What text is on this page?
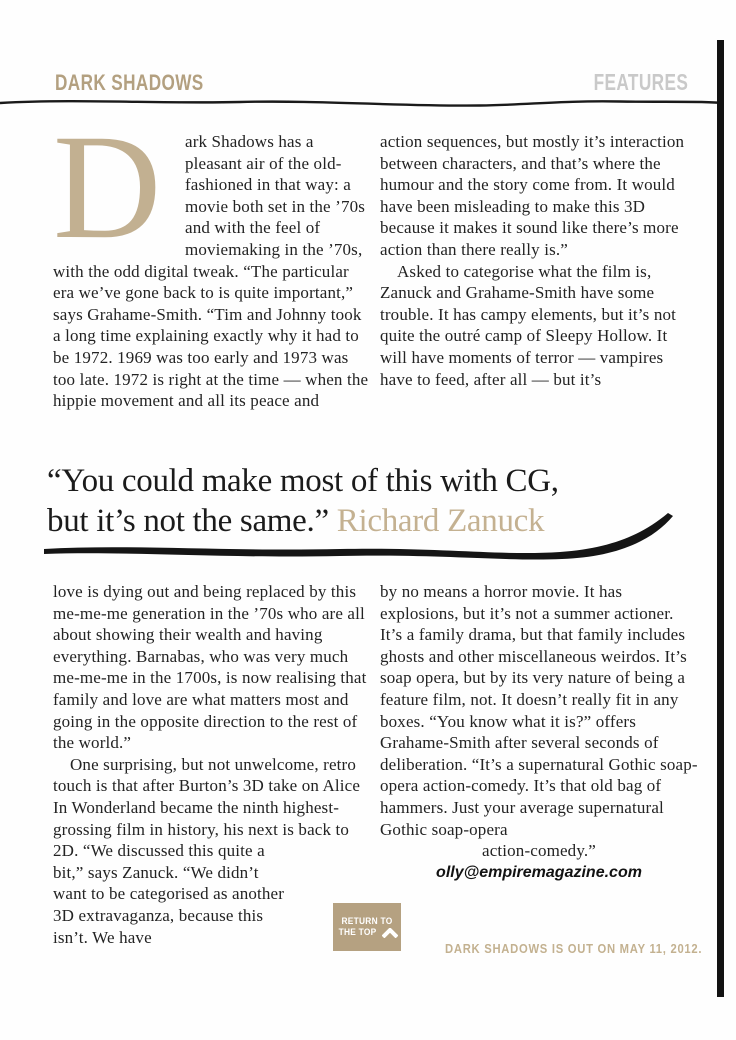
DARK SHADOWS	FEATURES

D	ark Shadows has a pleasant air of the old-fashioned in that way: a movie both set in the ’70s and with the feel of moviemaking in the ’70s, with the odd digital tweak. “The particular era we’ve gone back to is quite important,” says Grahame-Smith. “Tim and Johnny took a long time explaining exactly why it had to be 1972. 1969 was too early and 1973 was too late. 1972 is right at the time — when the hippie movement and all its peace and

action sequences, but mostly it’s interaction between characters, and that’s where the humour and the story come from. It would have been misleading to make this 3D because it makes it sound like there’s more action than there really is.”

Asked to categorise what the film is, Zanuck and Grahame-Smith have some trouble. It has campy elements, but it’s not quite the outré camp of Sleepy Hollow. It will have moments of terror — vampires have to feed, after all — but it’s

“You could make most of this with CG,
but it’s not the same.” Richard Zanuck

love is dying out and being replaced by this me-me-me generation in the ’70s who are all about showing their wealth and having everything. Barnabas, who was very much me-me-me in the 1700s, is now realising that family and love are what matters most and going in the opposite direction to the rest of the world.”

One surprising, but not unwelcome, retro touch is that after Burton’s 3D take on Alice In Wonderland became the ninth highest-grossing film in history, his next is back to 2D. “We discussed this quite a

bit,” says Zanuck. “We didn’t want to be categorised as another 3D extravaganza, because this isn’t. We have

by no means a horror movie. It has explosions, but it’s not a summer actioner. It’s a family drama, but that family includes ghosts and other miscellaneous weirdos. It’s soap opera, but by its very nature of being a feature film, not. It doesn’t really fit in any boxes. “You know what it is?” offers Grahame-Smith after several seconds of deliberation. “It’s a supernatural Gothic soap-opera action-comedy. It’s that old bag of hammers. Just your average supernatural Gothic soap-opera

action-comedy.”

olly@empiremagazine.com

RETURN TO
THE TOP
DARK SHADOWS IS OUT ON MAY 11, 2012.
